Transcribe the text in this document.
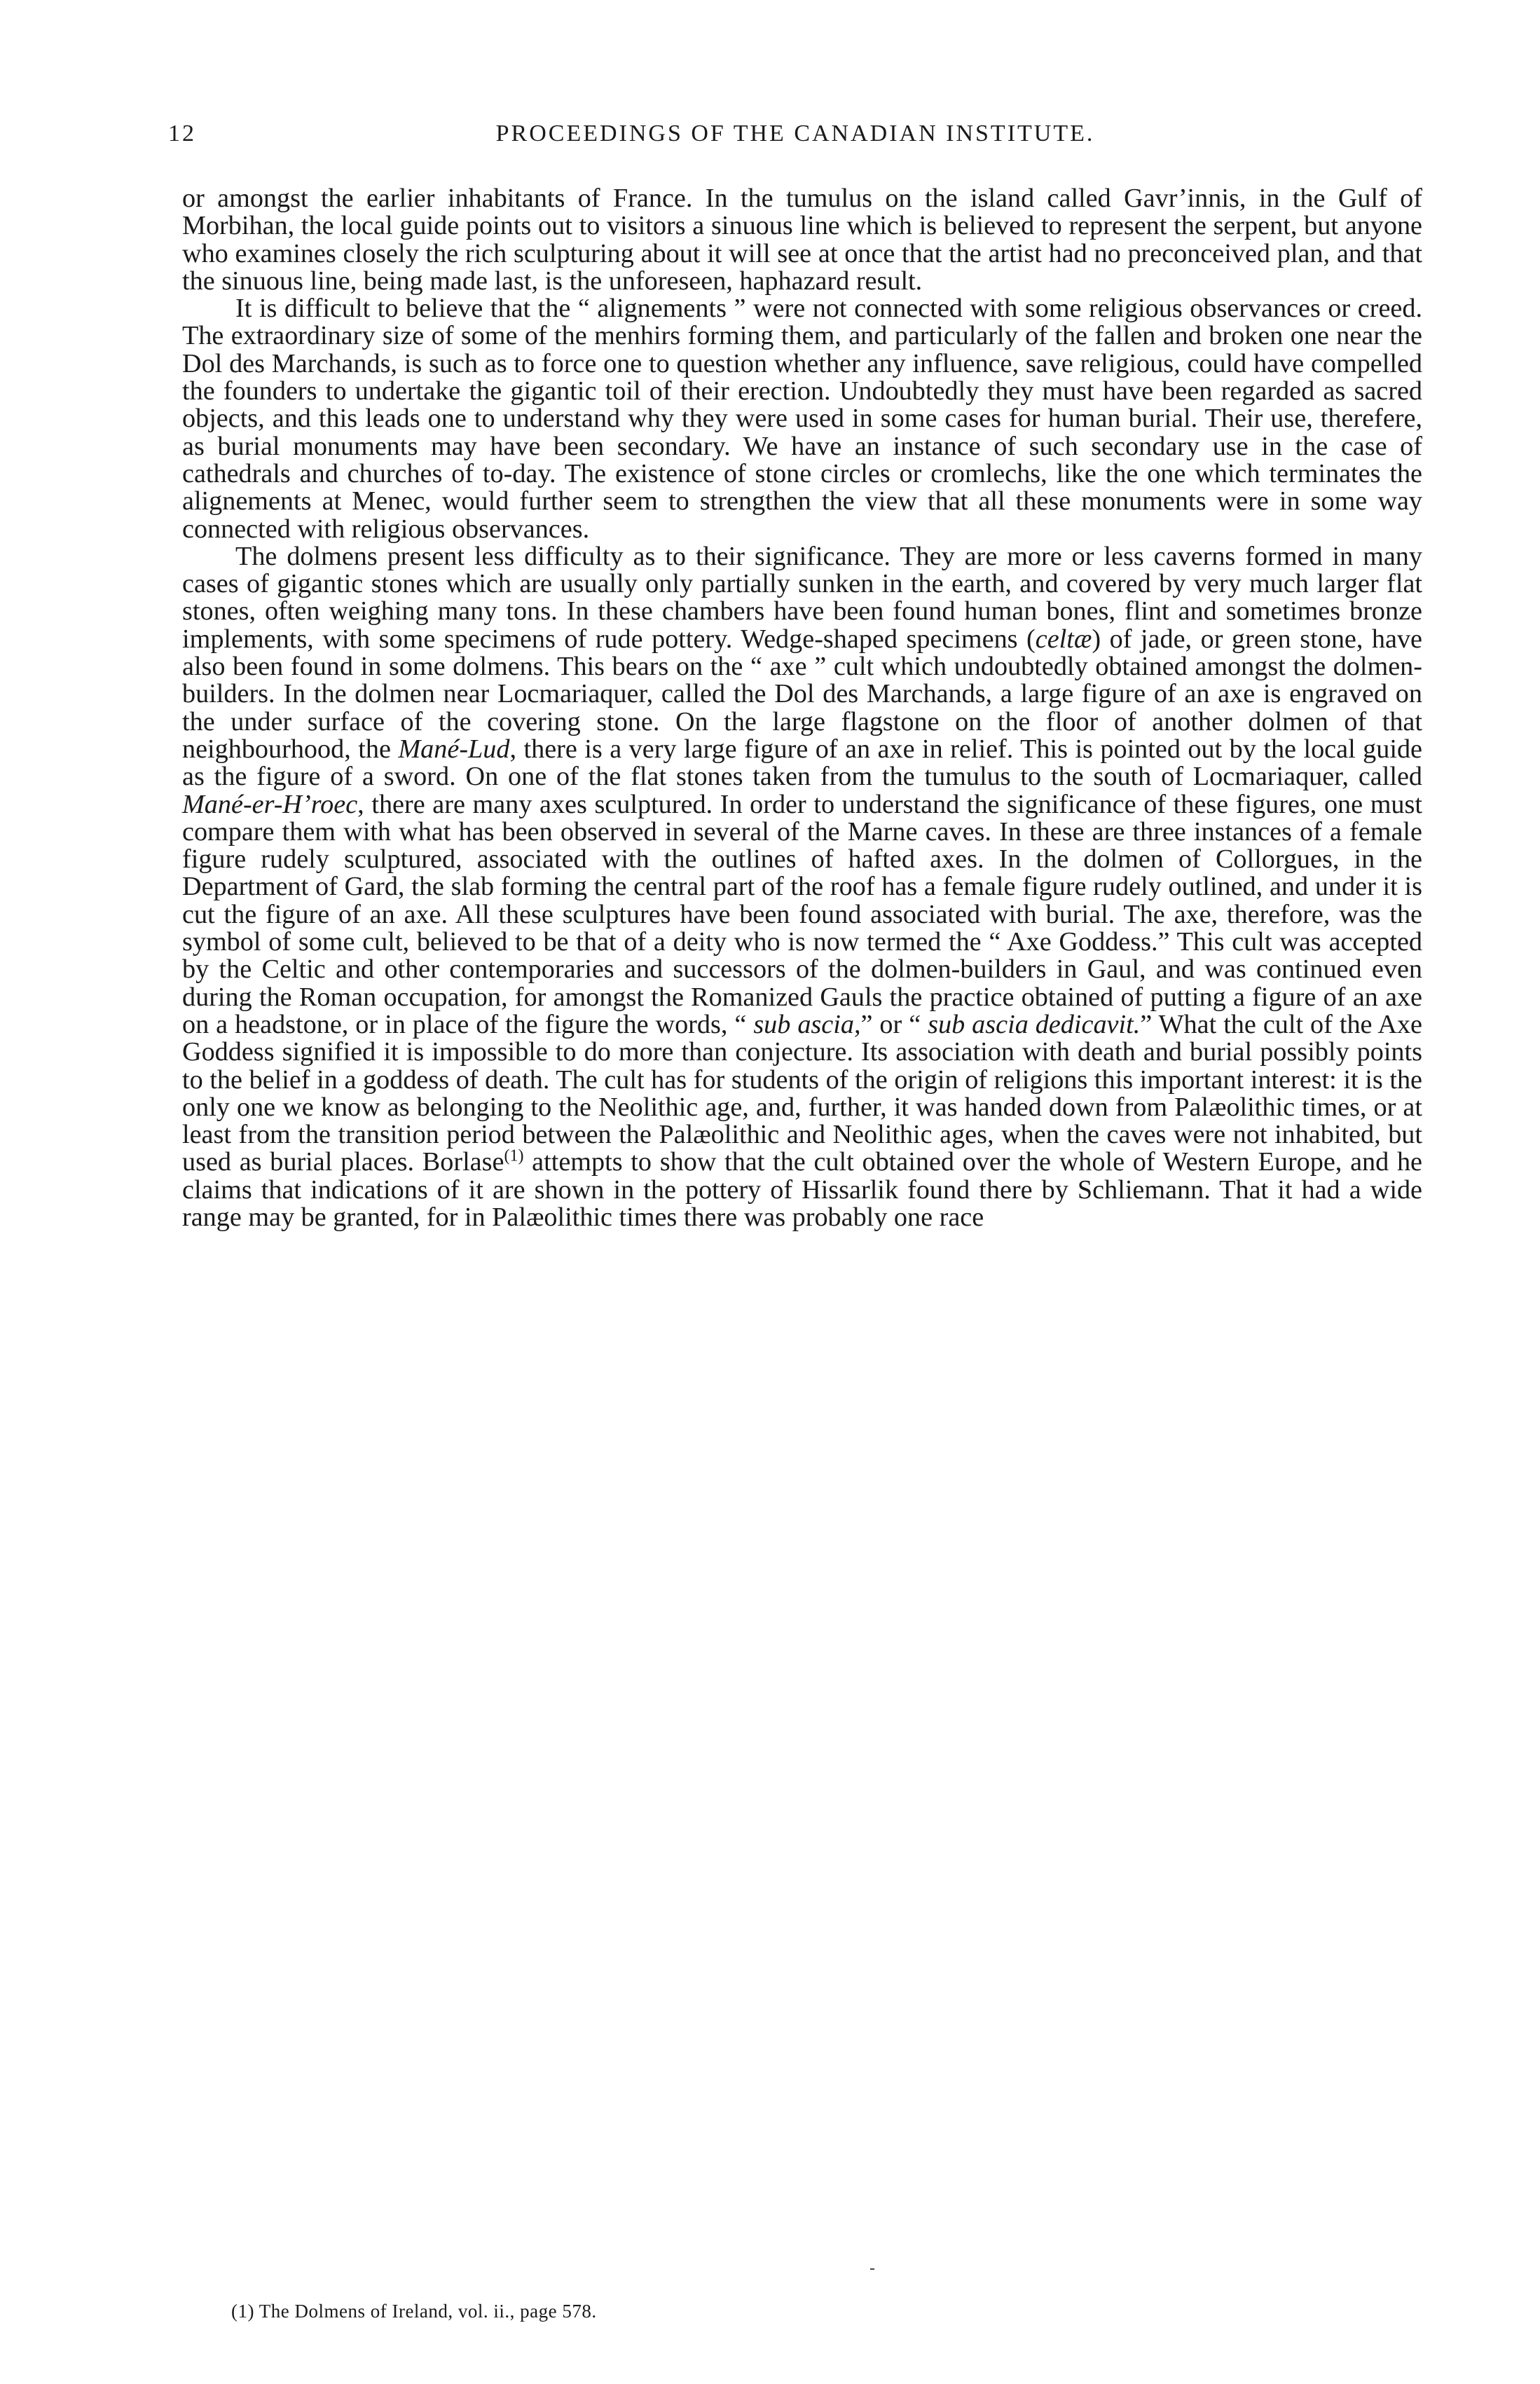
12	PROCEEDINGS OF THE CANADIAN INSTITUTE.

or amongst the earlier inhabitants of France. In the tumulus on the island called Gavr’innis, in the Gulf of Morbihan, the local guide points out to visitors a sinuous line which is believed to represent the serpent, but anyone who examines closely the rich sculpturing about it will see at once that the artist had no preconceived plan, and that the sinuous line, being made last, is the unforeseen, haphazard result.

It is difficult to believe that the “ alignements ” were not connected with some religious observances or creed. The extraordinary size of some of the menhirs forming them, and particularly of the fallen and broken one near the Dol des Marchands, is such as to force one to question whether any influence, save religious, could have compelled the founders to undertake the gigantic toil of their erection. Undoubtedly they must have been regarded as sacred objects, and this leads one to understand why they were used in some cases for human burial. Their use, therefere, as burial monuments may have been secondary. We have an instance of such secondary use in the case of cathedrals and churches of to-day. The existence of stone circles or cromlechs, like the one which terminates the alignements at Menec, would further seem to strengthen the view that all these monuments were in some way connected with religious observances.

The dolmens present less difficulty as to their significance. They are more or less caverns formed in many cases of gigantic stones which are usually only partially sunken in the earth, and covered by very much larger flat stones, often weighing many tons. In these chambers have been found human bones, flint and sometimes bronze implements, with some specimens of rude pottery. Wedge-shaped specimens (celtæ) of jade, or green stone, have also been found in some dolmens. This bears on the “ axe ” cult which undoubtedly obtained amongst the dolmen-builders. In the dolmen near Locmariaquer, called the Dol des Marchands, a large figure of an axe is engraved on the under surface of the covering stone. On the large flagstone on the floor of another dolmen of that neighbourhood, the Mané-Lud, there is a very large figure of an axe in relief. This is pointed out by the local guide as the figure of a sword. On one of the flat stones taken from the tumulus to the south of Locmariaquer, called Mané-er-H’roec, there are many axes sculptured. In order to understand the significance of these figures, one must compare them with what has been observed in several of the Marne caves. In these are three instances of a female figure rudely sculptured, associated with the outlines of hafted axes. In the dolmen of Collorgues, in the Department of Gard, the slab forming the central part of the roof has a female figure rudely outlined, and under it is cut the figure of an axe. All these sculptures have been found associated with burial. The axe, therefore, was the symbol of some cult, believed to be that of a deity who is now termed the “ Axe Goddess.” This cult was accepted by the Celtic and other contemporaries and successors of the dolmen-builders in Gaul, and was continued even during the Roman occupation, for amongst the Romanized Gauls the practice obtained of putting a figure of an axe on a headstone, or in place of the figure the words, “ sub ascia,” or “ sub ascia dedicavit.” What the cult of the Axe Goddess signified it is impossible to do more than conjecture. Its association with death and burial possibly points to the belief in a goddess of death. The cult has for students of the origin of religions this important interest: it is the only one we know as belonging to the Neolithic age, and, further, it was handed down from Palæolithic times, or at least from the transition period between the Palæolithic and Neolithic ages, when the caves were not inhabited, but used as burial places. Borlase$^{(1)}$ attempts to show that the cult obtained over the whole of Western Europe, and he claims that indications of it are shown in the pottery of Hissarlik found there by Schliemann. That it had a wide range may be granted, for in Palæolithic times there was probably one race

(1) The Dolmens of Ireland, vol. ii., page 578.
